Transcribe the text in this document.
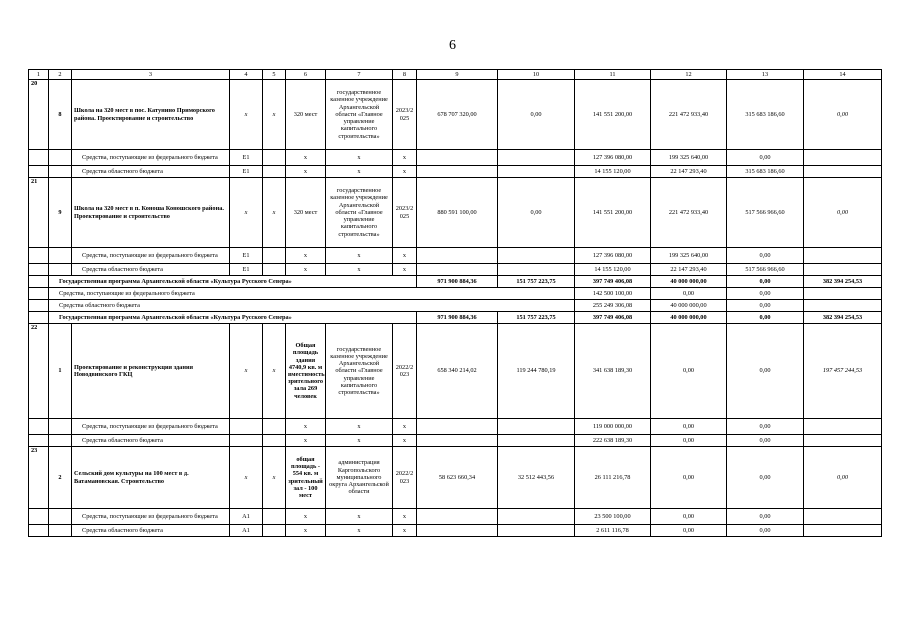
6
1	2	3	4	5	6	7	8	9	10	11	12	13	14
20	8	Школа на 320 мест в пос. Катунино Приморского района. Проектирование и строительство	х	х	320 мест	государственное казенное учреждение Архангельской области «Главное управление капитального строительства»	2023/2025	678 707 320,00	0,00	141 551 200,00	221 472 933,40	315 683 186,60	0,00
		Средства, поступающие из федерального бюджета	Е1		х	х	х			127 396 080,00	199 325 640,00	0,00	
		Средства областного бюджета	Е1		х	х	х			14 155 120,00	22 147 293,40	315 683 186,60	
21	9	Школа на 320 мест в п. Коноша Коношского района. Проектирование и строительство	х	х	320 мест	государственное казенное учреждение Архангельской области «Главное управление капитального строительства»	2023/2025	880 591 100,00	0,00	141 551 200,00	221 472 933,40	517 566 966,60	0,00
		Средства, поступающие из федерального бюджета	Е1		х	х	х			127 396 080,00	199 325 640,00	0,00	
		Средства областного бюджета	Е1		х	х	х			14 155 120,00	22 147 293,40	517 566 966,60	
	Государственная программа Архангельской области «Культура Русского Севера»							971 900 884,36	151 757 223,75	397 749 406,08	40 000 000,00	0,00	382 394 254,53
	Средства, поступающие из федерального бюджета									142 500 100,00	0,00	0,00	
	Средства областного бюджета									255 249 306,08	40 000 000,00	0,00	
	Государственная программа Архангельской области «Культура Русского Севера»							971 900 884,36	151 757 223,75	397 749 406,08	40 000 000,00	0,00	382 394 254,53
22	1	Проектирование и реконструкция здания Новодвинского ГКЦ	х	х	Общая площадь здания 4740,9 кв. м вместимость зрительного зала 269 человек	государственное казенное учреждение Архангельской области «Главное управление капитального строительства»	2022/2023	658 340 214,02	119 244 780,19	341 638 189,30	0,00	0,00	197 457 244,53
		Средства, поступающие из федерального бюджета			х	х	х			119 000 000,00	0,00	0,00	
		Средства областного бюджета			х	х	х			222 638 189,30	0,00	0,00	
23	2	Сельский дом культуры на 100 мест в д. Ватамановская. Строительство	х	х	общая площадь - 554 кв. м зрительный зал - 100 мест	администрация Каргопольского муниципального округа Архангельской области	2022/2023	58 623 660,34	32 512 443,56	26 111 216,78	0,00	0,00	0,00
		Средства, поступающие из федерального бюджета	А1		х	х	х			23 500 100,00	0,00	0,00	
		Средства областного бюджета	А1		х	х	х			2 611 116,78	0,00	0,00	
